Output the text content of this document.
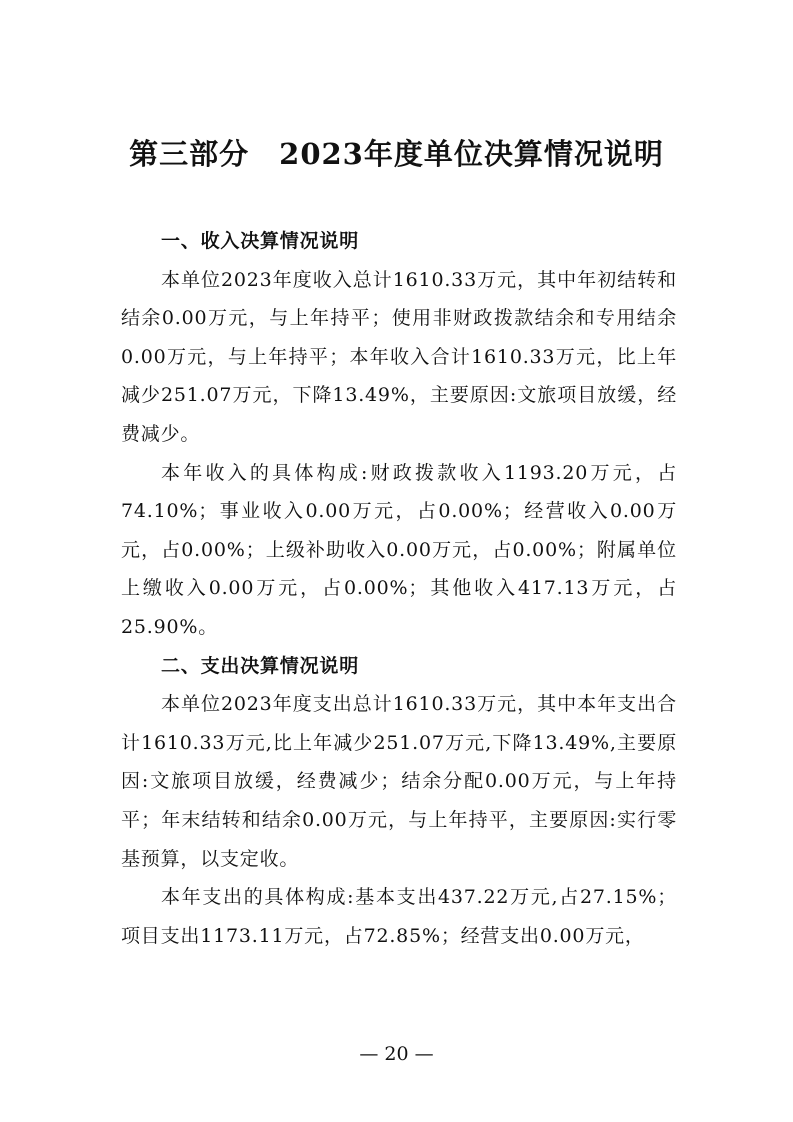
第三部分　2023年度单位决算情况说明

一、收入决算情况说明

本单位2023年度收入总计1610.33万元，其中年初结转和结余0.00万元，与上年持平；使用非财政拨款结余和专用结余0.00万元，与上年持平；本年收入合计1610.33万元，比上年减少251.07万元，下降13.49%，主要原因:文旅项目放缓，经费减少。

本年收入的具体构成:财政拨款收入1193.20万元，占74.10%；事业收入0.00万元，占0.00%；经营收入0.00万元，占0.00%；上级补助收入0.00万元，占0.00%；附属单位上缴收入0.00万元，占0.00%；其他收入417.13万元，占25.90%。

二、支出决算情况说明

本单位2023年度支出总计1610.33万元，其中本年支出合计1610.33万元,比上年减少251.07万元,下降13.49%,主要原因:文旅项目放缓，经费减少；结余分配0.00万元，与上年持平；年末结转和结余0.00万元，与上年持平，主要原因:实行零基预算，以支定收。

本年支出的具体构成:基本支出437.22万元,占27.15%；项目支出1173.11万元，占72.85%；经营支出0.00万元，

— 20 —
